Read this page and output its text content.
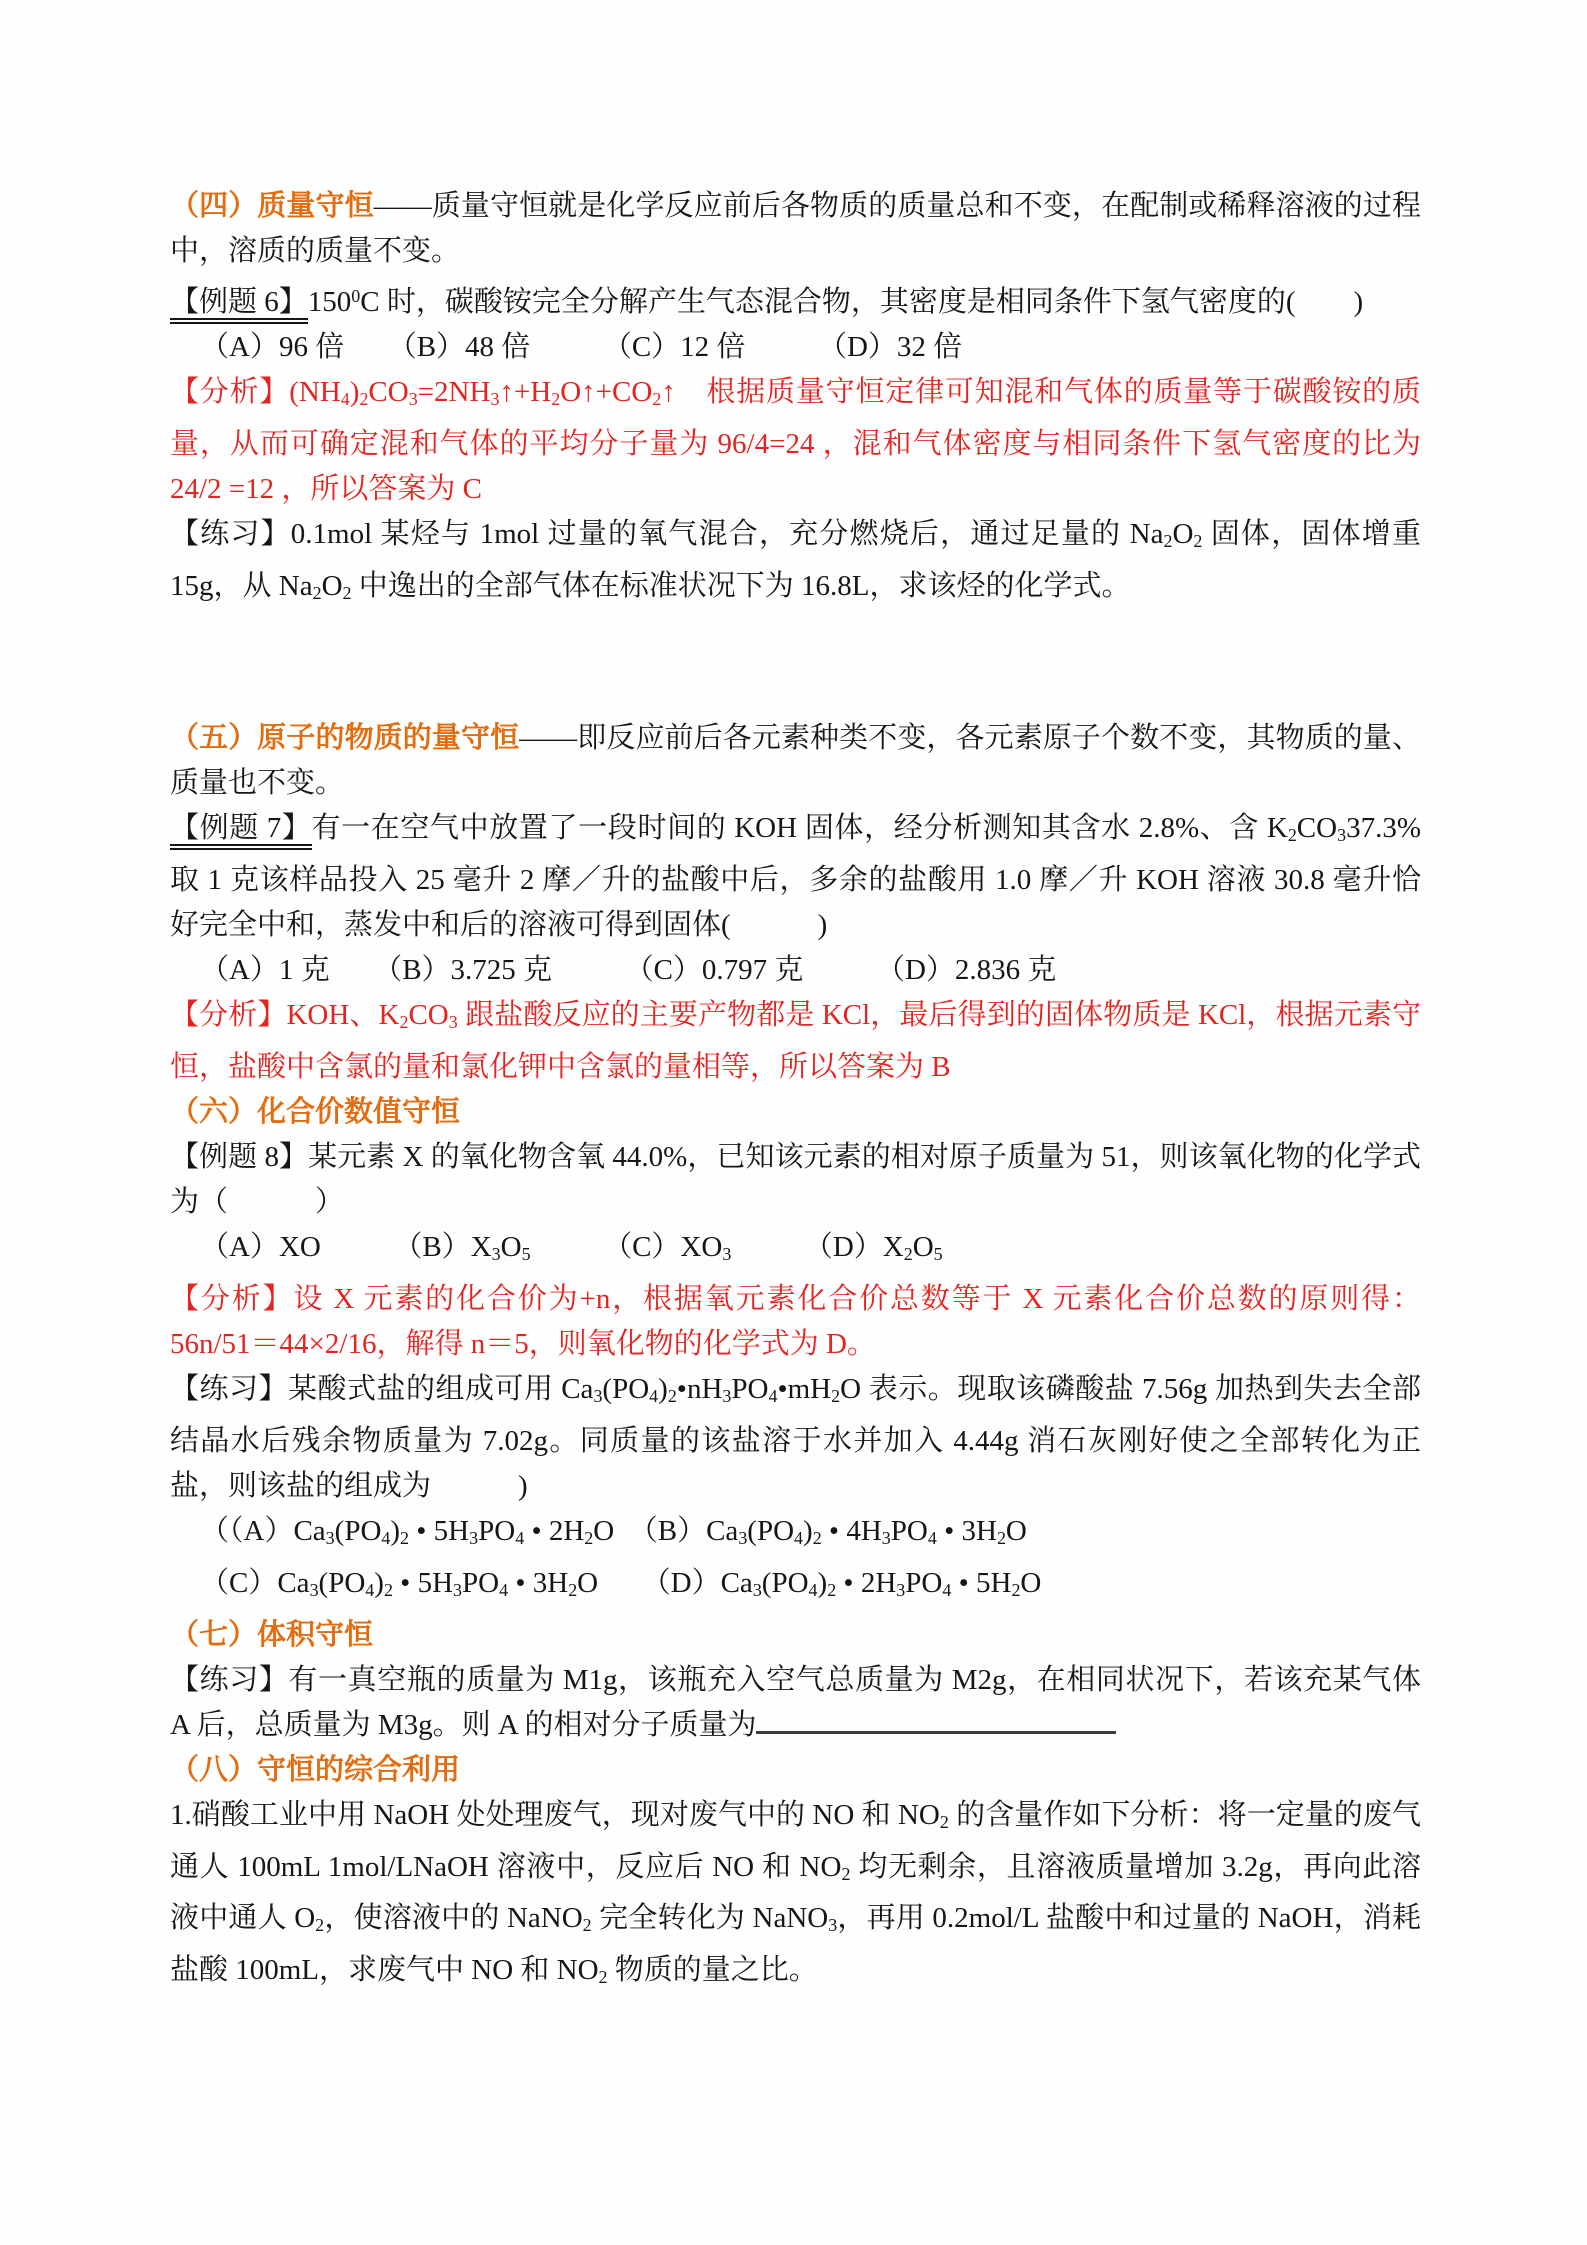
（四）质量守恒——质量守恒就是化学反应前后各物质的质量总和不变，在配制或稀释溶液的过程中，溶质的质量不变。
【例题 6】$150^0C$ 时，碳酸铵完全分解产生气态混合物，其密度是相同条件下氢气密度的(　　)
（A）96 倍　　 （B）48 倍　　　	（C）12 倍　　　	（D）32 倍
【分析】$(NH_4)_2CO_3=2NH_3↑+H_2O↑+CO_2↑$　根据质量守恒定律可知混和气体的质量等于碳酸铵的质量，从而可确定混和气体的平均分子量为 96/4=24 ，混和气体密度与相同条件下氢气密度的比为 24/2 =12 ，所以答案为 C
【练习】0.1mol 某烃与 1mol 过量的氧气混合，充分燃烧后，通过足量的 $Na_2O_2$ 固体，固体增重 15g，从 $Na_2O_2$ 中逸出的全部气体在标准状况下为 16.8L，求该烃的化学式。
（五）原子的物质的量守恒——即反应前后各元素种类不变，各元素原子个数不变，其物质的量、质量也不变。
【例题 7】有一在空气中放置了一段时间的 KOH 固体，经分析测知其含水 2.8%、含 $K_2CO_337.3\%$ 取 1 克该样品投入 25 毫升 2 摩／升的盐酸中后，多余的盐酸用 1.0 摩／升 KOH 溶液 30.8 毫升恰好完全中和，蒸发中和后的溶液可得到固体(　　　)
（A）1 克　　 （B）3.725 克　　　	（C）0.797 克　　　	（D）2.836 克
【分析】KOH、$K_2CO_3$ 跟盐酸反应的主要产物都是 KCl，最后得到的固体物质是 KCl，根据元素守恒，盐酸中含氯的量和氯化钾中含氯的量相等，所以答案为 B
（六）化合价数值守恒
【例题 8】某元素 X 的氧化物含氧 44.0%，已知该元素的相对原子质量为 51，则该氧化物的化学式为（　　　）
（A）XO　　　	$(B)X_3O_5$　　　	$(C)XO_3$　　　	$(D)X_2O_5$
【分析】设 X 元素的化合价为+n，根据氧元素化合价总数等于 X 元素化合价总数的原则得：56n/51＝44×2/16，解得 n＝5，则氧化物的化学式为 D。
【练习】某酸式盐的组成可用 $Ca_3(PO_4)_2•nH_3PO_4•mH_2O$ 表示。现取该磷酸盐 7.56g 加热到失去全部结晶水后残余物质量为 7.02g。同质量的该盐溶于水并加入 4.44g 消石灰刚好使之全部转化为正盐，则该盐的组成为　　　)
（$(A)Ca_3(PO_4)_2$ • $5H_3PO_4$ • $2H_2O$　 $(B)Ca_3(PO_4)_2$ • $4H_3PO_4$ • $3H_2O$
$(C)Ca_3(PO_4)_2$ • $5H_3PO_4$ • $3H_2O$　　 $(D)Ca_3(PO_4)_2$ • $2H_3PO_4$ • $5H_2O$
（七）体积守恒
【练习】有一真空瓶的质量为 M1g，该瓶充入空气总质量为 M2g，在相同状况下，若该充某气体 A 后，总质量为 M3g。则 A 的相对分子质量为
（八）守恒的综合利用
1.硝酸工业中用 NaOH 处处理废气，现对废气中的 NO 和 $NO_2$ 的含量作如下分析：将一定量的废气通人 100mL 1mol/LNaOH 溶液中，反应后 NO 和 $NO_2$ 均无剩余，且溶液质量增加 3.2g，再向此溶液中通人 $O_2$，使溶液中的 NaNO$_2$ 完全转化为 NaNO$_3$，再用 0.2mol/L 盐酸中和过量的 NaOH，消耗盐酸 100mL，求废气中 NO 和 $NO_2$ 物质的量之比。
